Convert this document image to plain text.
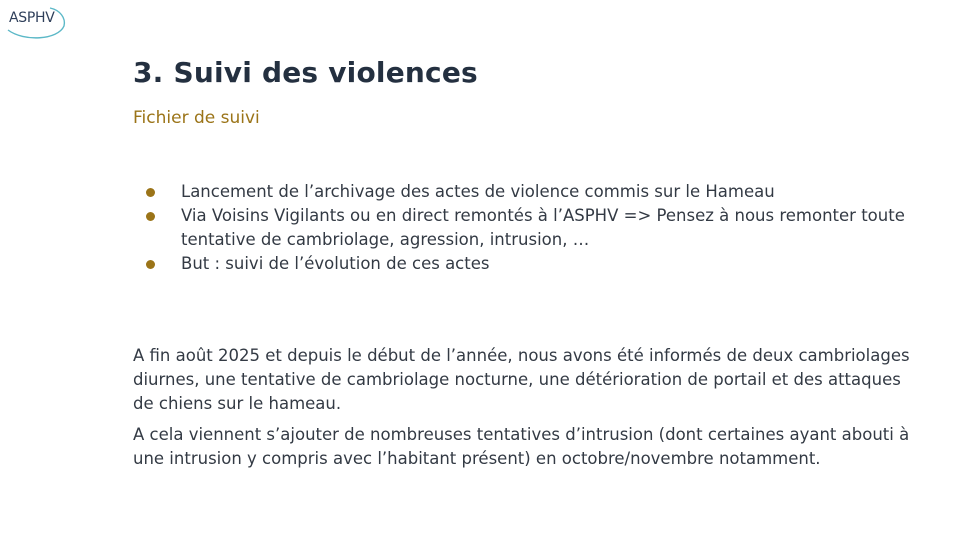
ASPHV
3. Suivi des violences
Fichier de suivi
Lancement de l’archivage des actes de violence commis sur le Hameau
Via Voisins Vigilants ou en direct remontés à l’ASPHV => Pensez à nous remonter toute tentative de cambriolage, agression, intrusion, …
But : suivi de l’évolution de ces actes

A fin août 2025 et depuis le début de l’année, nous avons été informés de deux cambriolages diurnes, une tentative de cambriolage nocturne, une détérioration de portail et des attaques de chiens sur le hameau.

A cela viennent s’ajouter de nombreuses tentatives d’intrusion (dont certaines ayant abouti à une intrusion y compris avec l’habitant présent) en octobre/novembre notamment.
